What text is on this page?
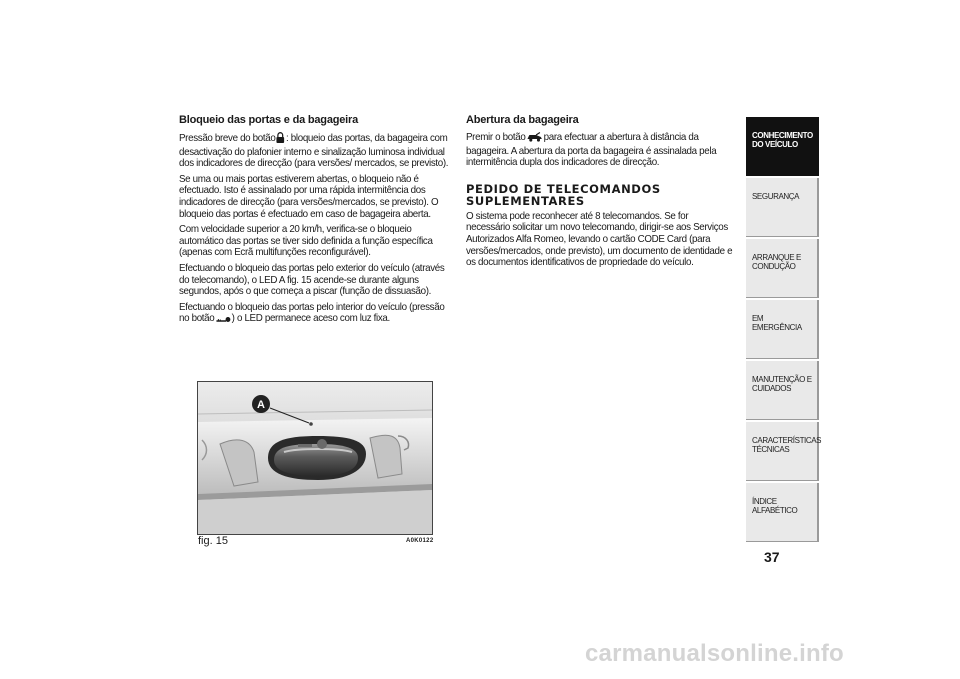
Bloqueio das portas e da bagageira

Pressão breve do botão : bloqueio das portas, da bagageira com desactivação do plafonier interno e sinalização luminosa individual dos indicadores de direcção (para versões/ mercados, se previsto).

Se uma ou mais portas estiverem abertas, o bloqueio não é efectuado. Isto é assinalado por uma rápida intermitência dos indicadores de direcção (para versões/mercados, se previsto). O bloqueio das portas é efectuado em caso de bagageira aberta.

Com velocidade superior a 20 km/h, verifica-se o bloqueio automático das portas se tiver sido definida a função específica (apenas com Ecrã multifunções reconfigurável).

Efectuando o bloqueio das portas pelo exterior do veículo (através do telecomando), o LED A fig. 15 acende-se durante alguns segundos, após o que começa a piscar (função de dissuasão).

Efectuando o bloqueio das portas pelo interior do veículo (pressão no botão ) o LED permanece aceso com luz fixa.

Abertura da bagageira

Premir o botão para efectuar a abertura à distância da bagageira. A abertura da porta da bagageira é assinalada pela intermitência dupla dos indicadores de direcção.

PEDIDO DE TELECOMANDOS
SUPLEMENTARES

O sistema pode reconhecer até 8 telecomandos. Se for necessário solicitar um novo telecomando, dirigir-se aos Serviços Autorizados Alfa Romeo, levando o cartão CODE Card (para versões/mercados, onde previsto), um documento de identidade e os documentos identificativos de propriedade do veículo.

A
fig. 15	A0K0122
CONHECIMENTO DO VEÍCULO
SEGURANÇA
ARRANQUE E CONDUÇÃO
EM EMERGÊNCIA
MANUTENÇÃO E CUIDADOS
CARACTERÍSTICAS TÉCNICAS
ÍNDICE ALFABÉTICO
37
carmanualsonline.info
